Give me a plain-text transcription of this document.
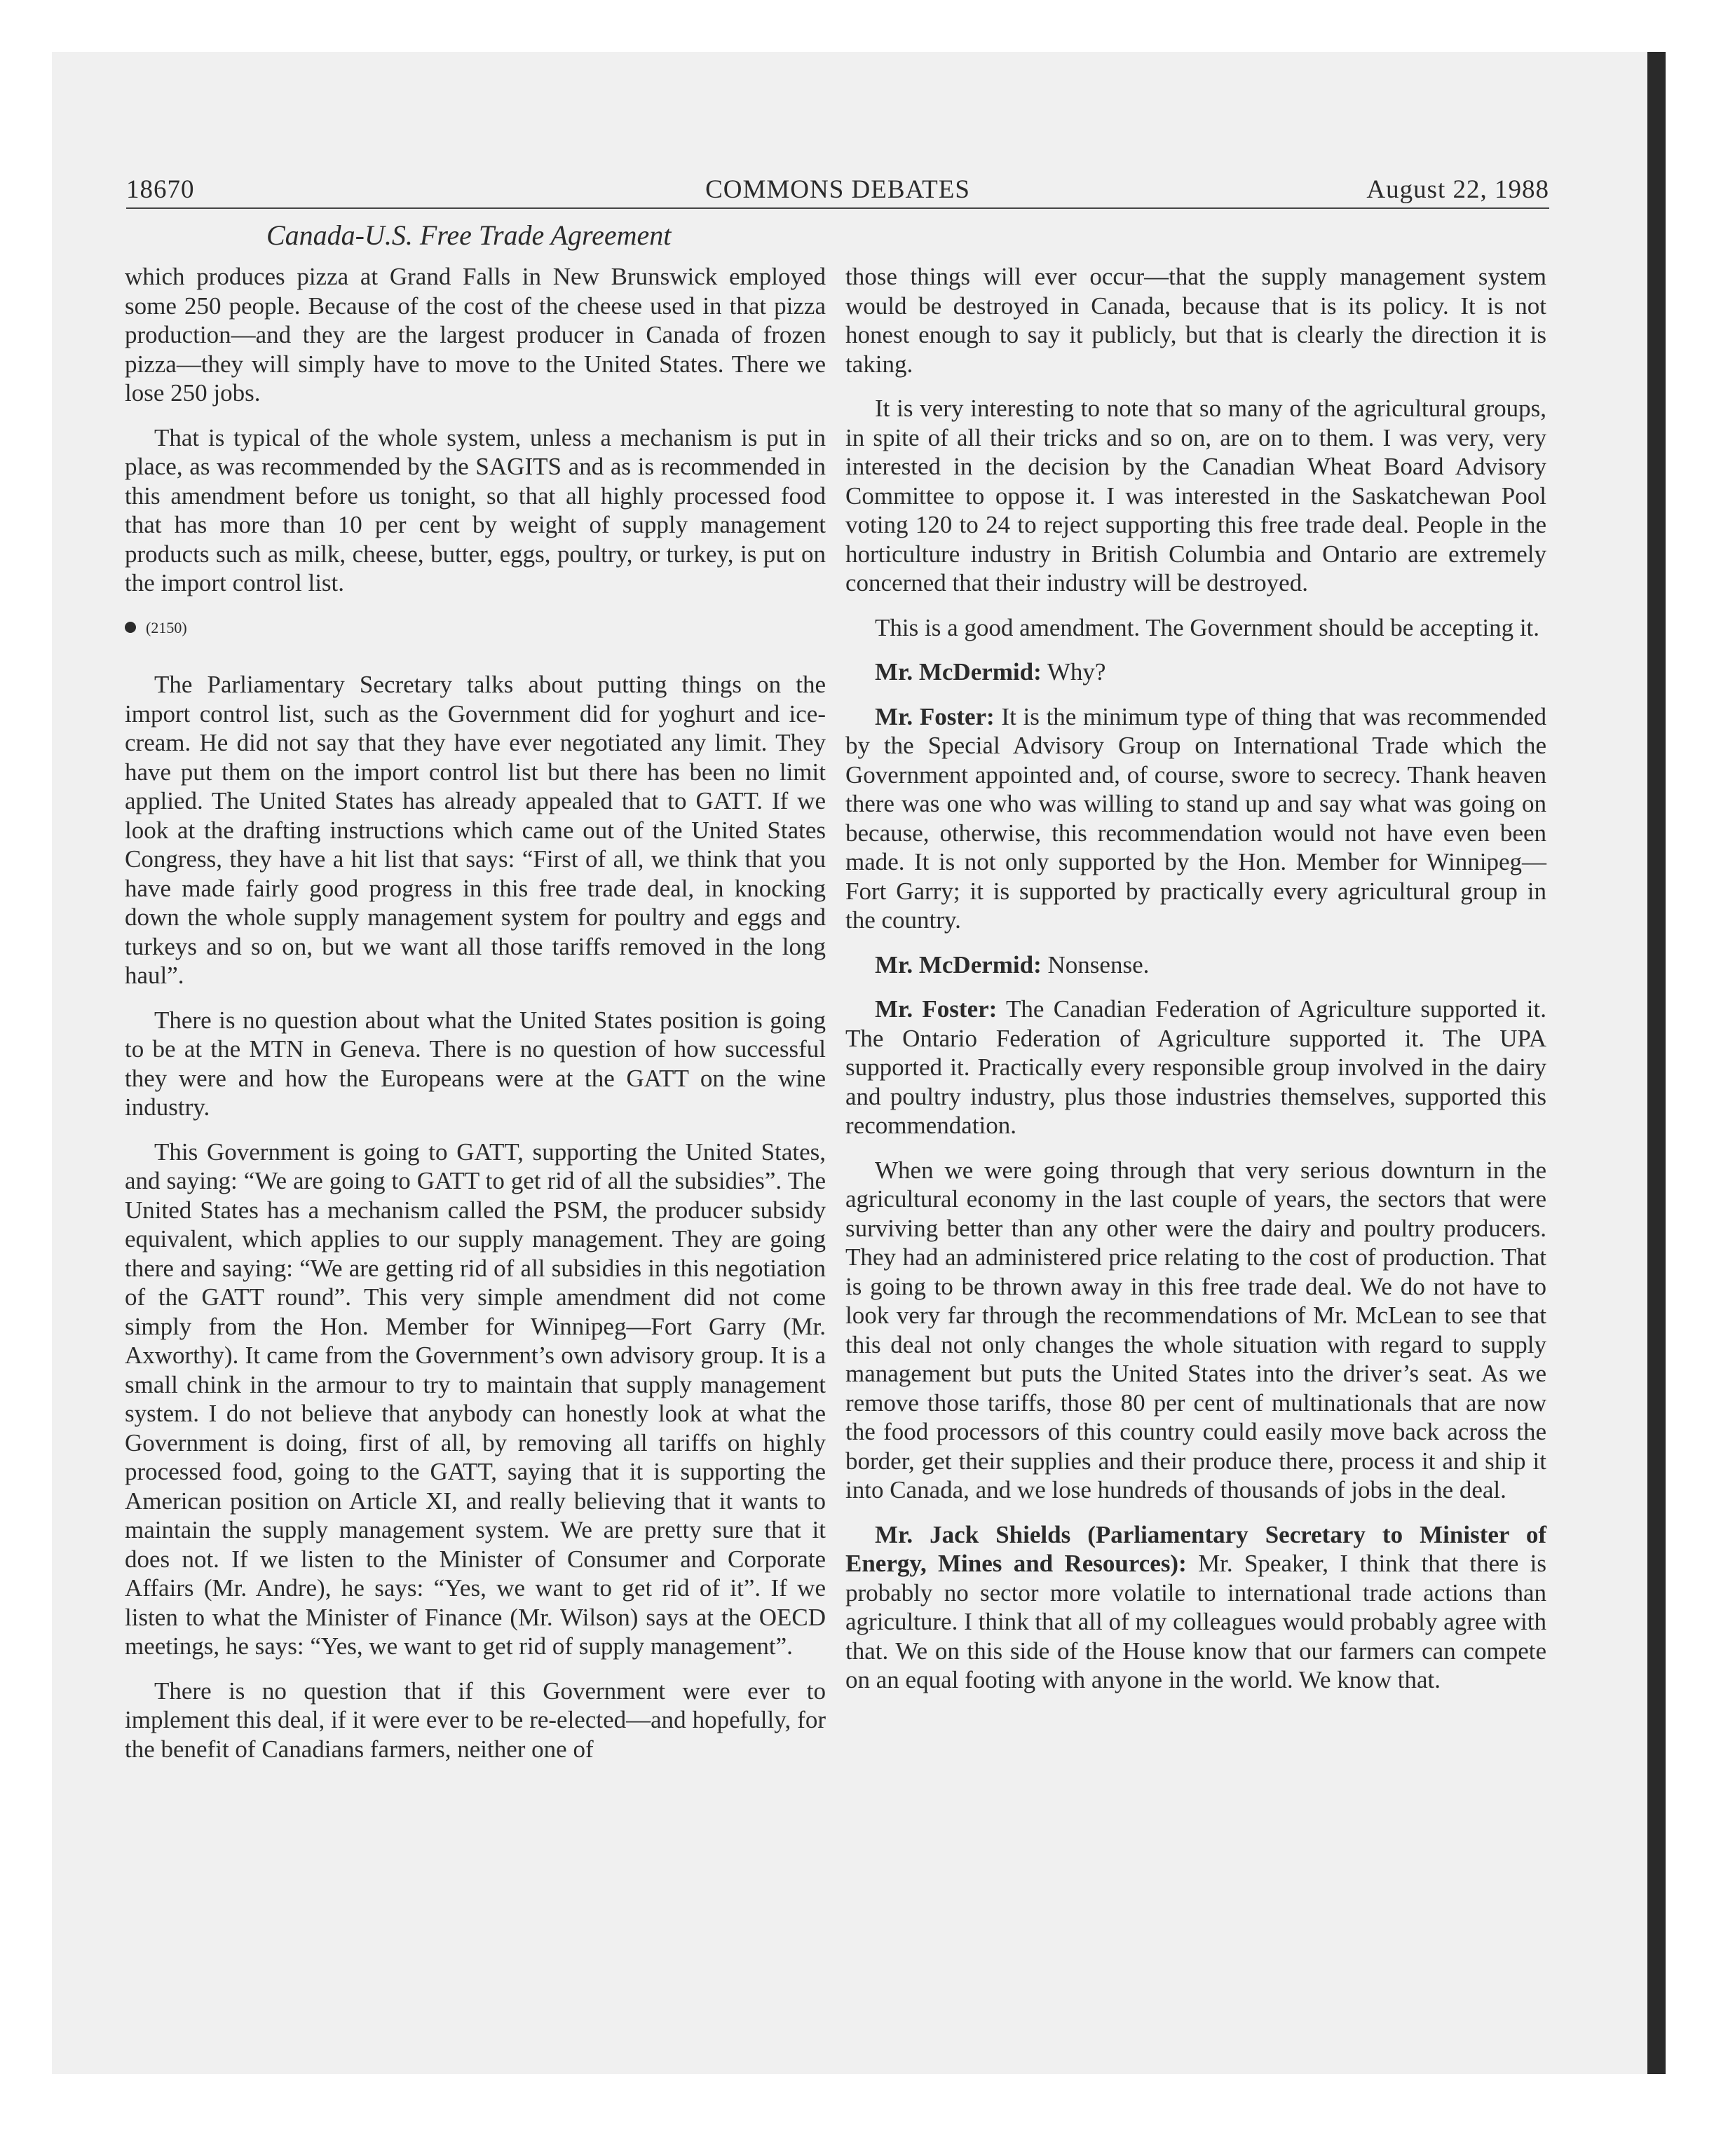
18670	COMMONS DEBATES	August 22, 1988
Canada-U.S. Free Trade Agreement

which produces pizza at Grand Falls in New Brunswick employed some 250 people. Because of the cost of the cheese used in that pizza production—and they are the largest producer in Canada of frozen pizza—they will simply have to move to the United States. There we lose 250 jobs.

That is typical of the whole system, unless a mechanism is put in place, as was recommended by the SAGITS and as is recommended in this amendment before us tonight, so that all highly processed food that has more than 10 per cent by weight of supply management products such as milk, cheese, butter, eggs, poultry, or turkey, is put on the import control list.

(2150)

The Parliamentary Secretary talks about putting things on the import control list, such as the Government did for yoghurt and ice-cream. He did not say that they have ever negotiated any limit. They have put them on the import control list but there has been no limit applied. The United States has already appealed that to GATT. If we look at the drafting instructions which came out of the United States Congress, they have a hit list that says: “First of all, we think that you have made fairly good progress in this free trade deal, in knocking down the whole supply management system for poultry and eggs and turkeys and so on, but we want all those tariffs removed in the long haul”.

There is no question about what the United States position is going to be at the MTN in Geneva. There is no question of how successful they were and how the Europeans were at the GATT on the wine industry.

This Government is going to GATT, supporting the United States, and saying: “We are going to GATT to get rid of all the subsidies”. The United States has a mechanism called the PSM, the producer subsidy equivalent, which applies to our supply management. They are going there and saying: “We are getting rid of all subsidies in this negotiation of the GATT round”. This very simple amendment did not come simply from the Hon. Member for Winnipeg—Fort Garry (Mr. Axworthy). It came from the Government’s own advisory group. It is a small chink in the armour to try to maintain that supply management system. I do not believe that anybody can honestly look at what the Government is doing, first of all, by removing all tariffs on highly processed food, going to the GATT, saying that it is supporting the American position on Article XI, and really believing that it wants to maintain the supply management system. We are pretty sure that it does not. If we listen to the Minister of Consumer and Corporate Affairs (Mr. Andre), he says: “Yes, we want to get rid of it”. If we listen to what the Minister of Finance (Mr. Wilson) says at the OECD meetings, he says: “Yes, we want to get rid of supply management”.

There is no question that if this Government were ever to implement this deal, if it were ever to be re-elected—and hopefully, for the benefit of Canadians farmers, neither one of

those things will ever occur—that the supply management system would be destroyed in Canada, because that is its policy. It is not honest enough to say it publicly, but that is clearly the direction it is taking.

It is very interesting to note that so many of the agricultural groups, in spite of all their tricks and so on, are on to them. I was very, very interested in the decision by the Canadian Wheat Board Advisory Committee to oppose it. I was interested in the Saskatchewan Pool voting 120 to 24 to reject supporting this free trade deal. People in the horticulture industry in British Columbia and Ontario are extremely concerned that their industry will be destroyed.

This is a good amendment. The Government should be accepting it.

Mr. McDermid: Why?

Mr. Foster: It is the minimum type of thing that was recommended by the Special Advisory Group on International Trade which the Government appointed and, of course, swore to secrecy. Thank heaven there was one who was willing to stand up and say what was going on because, otherwise, this recommendation would not have even been made. It is not only supported by the Hon. Member for Winnipeg—Fort Garry; it is supported by practically every agricultural group in the country.

Mr. McDermid: Nonsense.

Mr. Foster: The Canadian Federation of Agriculture supported it. The Ontario Federation of Agriculture supported it. The UPA supported it. Practically every responsible group involved in the dairy and poultry industry, plus those industries themselves, supported this recommendation.

When we were going through that very serious downturn in the agricultural economy in the last couple of years, the sectors that were surviving better than any other were the dairy and poultry producers. They had an administered price relating to the cost of production. That is going to be thrown away in this free trade deal. We do not have to look very far through the recommendations of Mr. McLean to see that this deal not only changes the whole situation with regard to supply management but puts the United States into the driver’s seat. As we remove those tariffs, those 80 per cent of multinationals that are now the food processors of this country could easily move back across the border, get their supplies and their produce there, process it and ship it into Canada, and we lose hundreds of thousands of jobs in the deal.

Mr. Jack Shields (Parliamentary Secretary to Minister of Energy, Mines and Resources): Mr. Speaker, I think that there is probably no sector more volatile to international trade actions than agriculture. I think that all of my colleagues would probably agree with that. We on this side of the House know that our farmers can compete on an equal footing with anyone in the world. We know that.
